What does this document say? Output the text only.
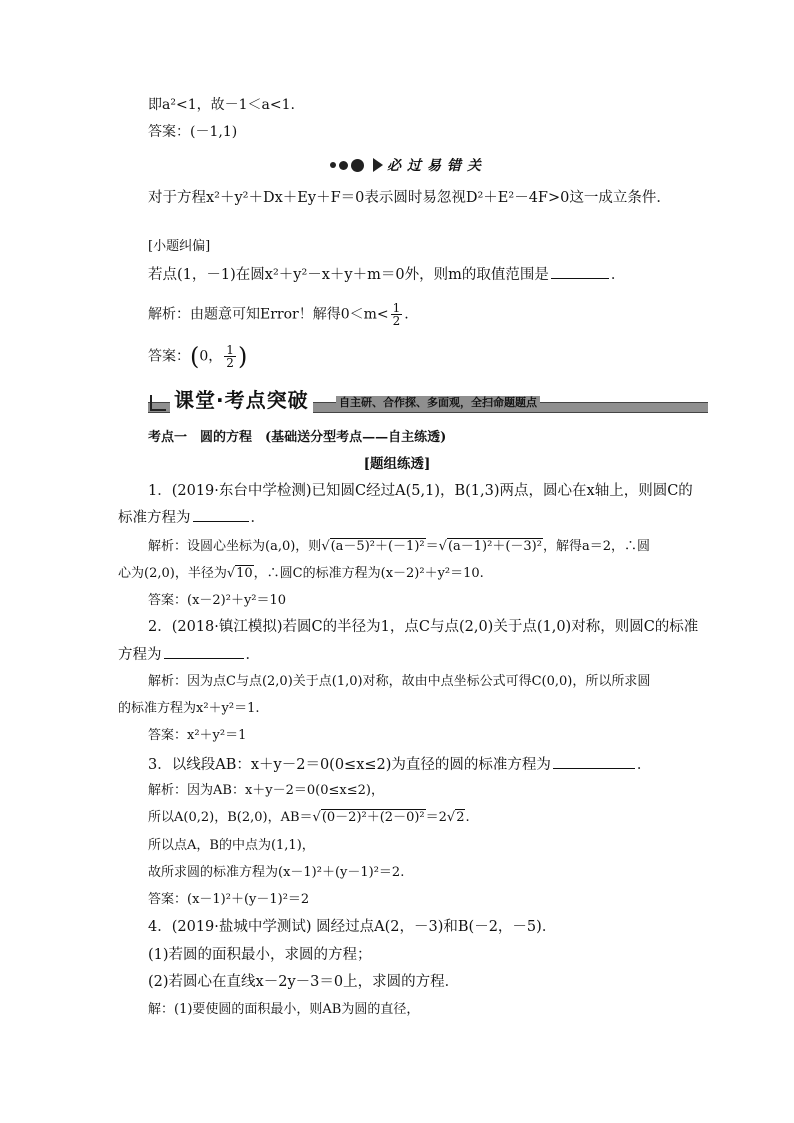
即a²<1，故－1＜a<1.
答案：(－1,1)
必过易错关
对于方程x²＋y²＋Dx＋Ey＋F＝0表示圆时易忽视D²＋E²－4F>0这一成立条件．
[小题纠偏]
若点(1，－1)在圆x²＋y²－x＋y＋m＝0外，则m的取值范围是	．
解析：由题意可知Error！解得$0<m< \frac{1}{2}$ .
答案：(0， $\frac{1}{2}$ )
课堂·考点突破	自主研、合作探、多面观，全扫命题题点
考点一　圆的方程　(基础送分型考点——自主练透)
[题组练透]
1．(2019·东台中学检测)已知圆C经过A(5,1)，B(1,3)两点，圆心在x轴上，则圆C的
标准方程为	．
解析：设圆心坐标为(a,0)，则√(a－5)²＋(－1)²＝√(a－1)²＋(－3)²，解得a＝2，∴圆
心为(2,0)，半径为√10，∴圆C的标准方程为(x－2)²＋y²＝10.
答案：(x－2)²＋y²＝10
2．(2018·镇江模拟)若圆C的半径为1，点C与点(2,0)关于点(1,0)对称，则圆C的标准
方程为	．
解析：因为点C与点(2,0)关于点(1,0)对称，故由中点坐标公式可得C(0,0)，所以所求圆
的标准方程为x²＋y²＝1.
答案：x²＋y²＝1
3．以线段AB：x＋y－2＝0(0≤x≤2)为直径的圆的标准方程为	．
解析：因为AB：x＋y－2＝0(0≤x≤2)，
所以A(0,2)，B(2,0)，AB＝√(0－2)²＋(2－0)²＝2√2.
所以点A，B的中点为(1,1)，
故所求圆的标准方程为(x－1)²＋(y－1)²＝2.
答案：(x－1)²＋(y－1)²＝2
4．(2019·盐城中学测试) 圆经过点A(2，－3)和B(－2，－5)．
(1)若圆的面积最小，求圆的方程；
(2)若圆心在直线x－2y－3＝0上，求圆的方程．
解：(1)要使圆的面积最小，则AB为圆的直径，
